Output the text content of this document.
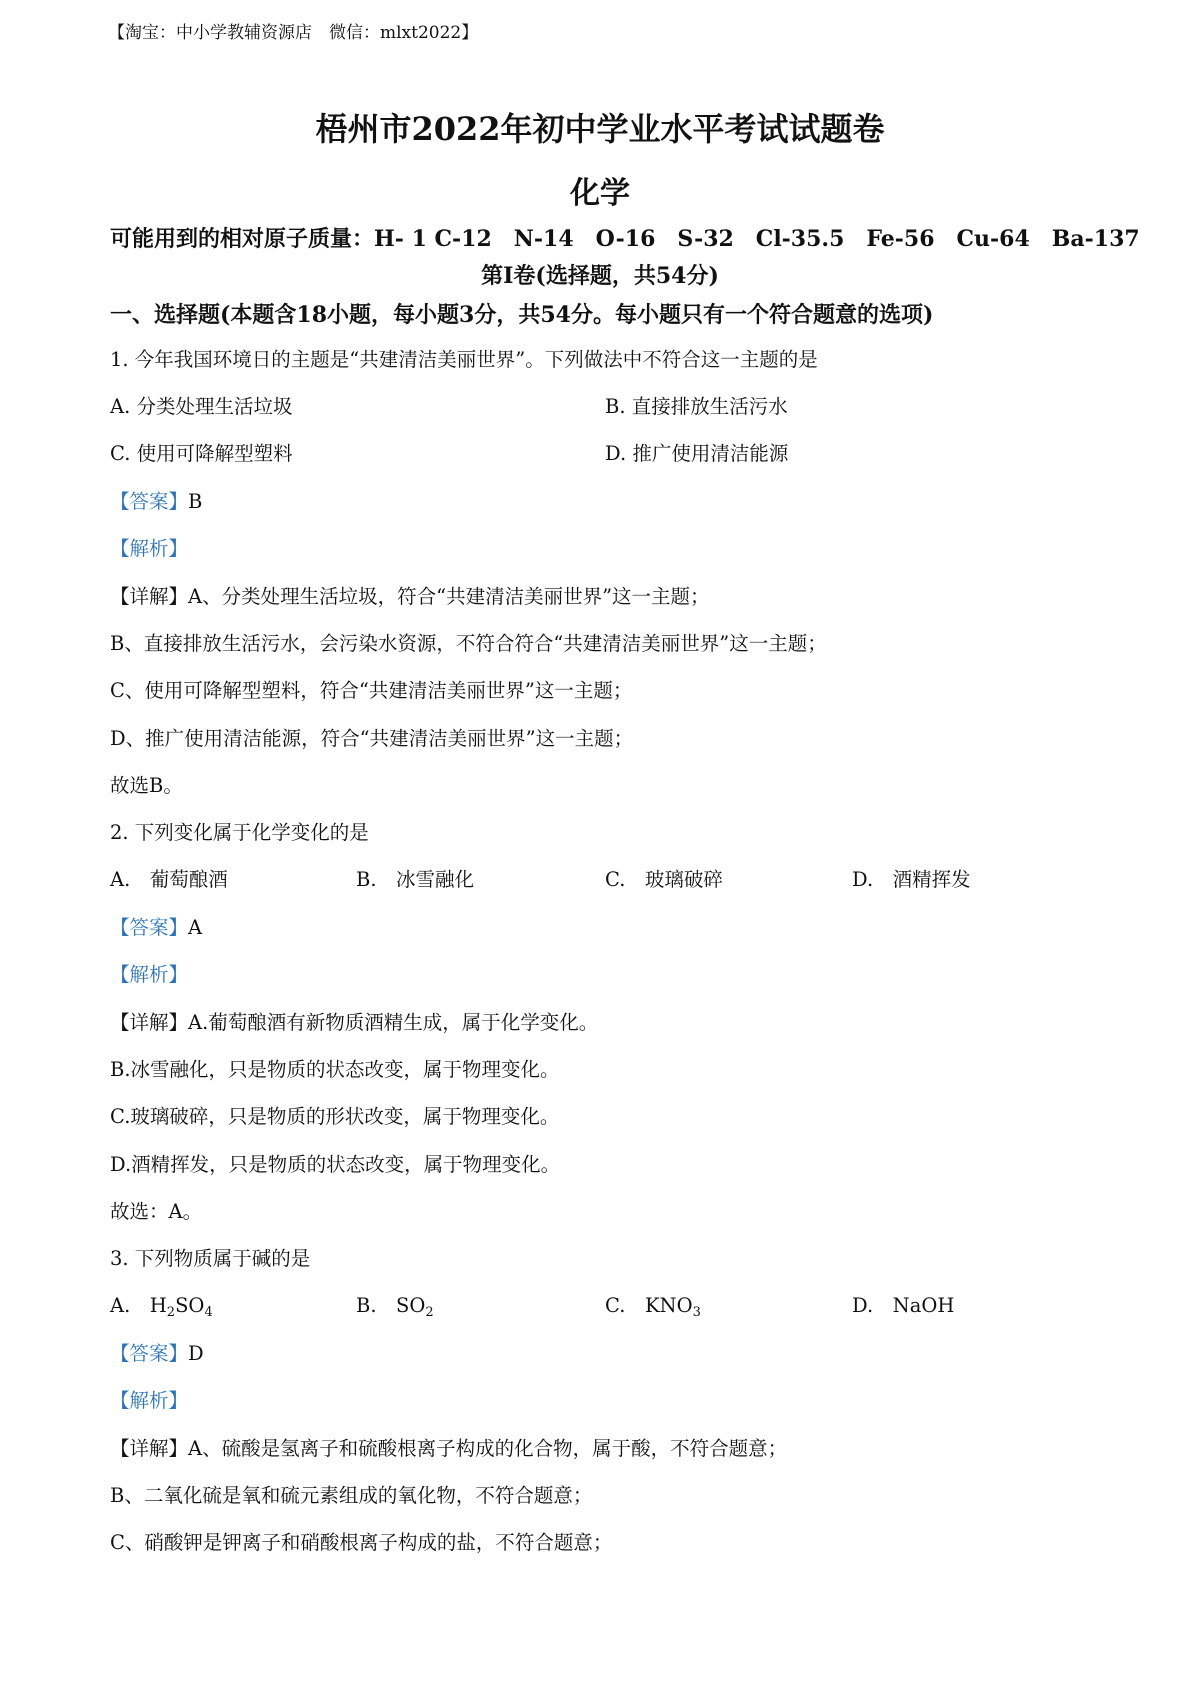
【淘宝：中小学教辅资源店　微信：mlxt2022】
梧州市2022年初中学业水平考试试题卷
化学
可能用到的相对原子质量：H- 1 C-12　N-14　O-16　S-32　Cl-35.5　Fe-56　Cu-64　Ba-137
第Ⅰ卷(选择题，共54分)
一、选择题(本题含18小题，每小题3分，共54分。每小题只有一个符合题意的选项)
1. 今年我国环境日的主题是“共建清洁美丽世界”。下列做法中不符合这一主题的是
A. 分类处理生活垃圾	B. 直接排放生活污水
C. 使用可降解型塑料	D. 推广使用清洁能源
【答案】B
【解析】
【详解】A、分类处理生活垃圾，符合“共建清洁美丽世界”这一主题；
B、直接排放生活污水，会污染水资源，不符合符合“共建清洁美丽世界”这一主题；
C、使用可降解型塑料，符合“共建清洁美丽世界”这一主题；
D、推广使用清洁能源，符合“共建清洁美丽世界”这一主题；
故选B。
2. 下列变化属于化学变化的是
A.　葡萄酿酒	B.　冰雪融化	C.　玻璃破碎	D.　酒精挥发
【答案】A
【解析】
【详解】A.葡萄酿酒有新物质酒精生成，属于化学变化。
B.冰雪融化，只是物质的状态改变，属于物理变化。
C.玻璃破碎，只是物质的形状改变，属于物理变化。
D.酒精挥发，只是物质的状态改变，属于物理变化。
故选：A。
3. 下列物质属于碱的是
A.　$H_2SO_4$	B.　$SO_2$	C.　$KNO_3$	D.　NaOH
【答案】D
【解析】
【详解】A、硫酸是氢离子和硫酸根离子构成的化合物，属于酸，不符合题意；
B、二氧化硫是氧和硫元素组成的氧化物，不符合题意；
C、硝酸钾是钾离子和硝酸根离子构成的盐，不符合题意；
